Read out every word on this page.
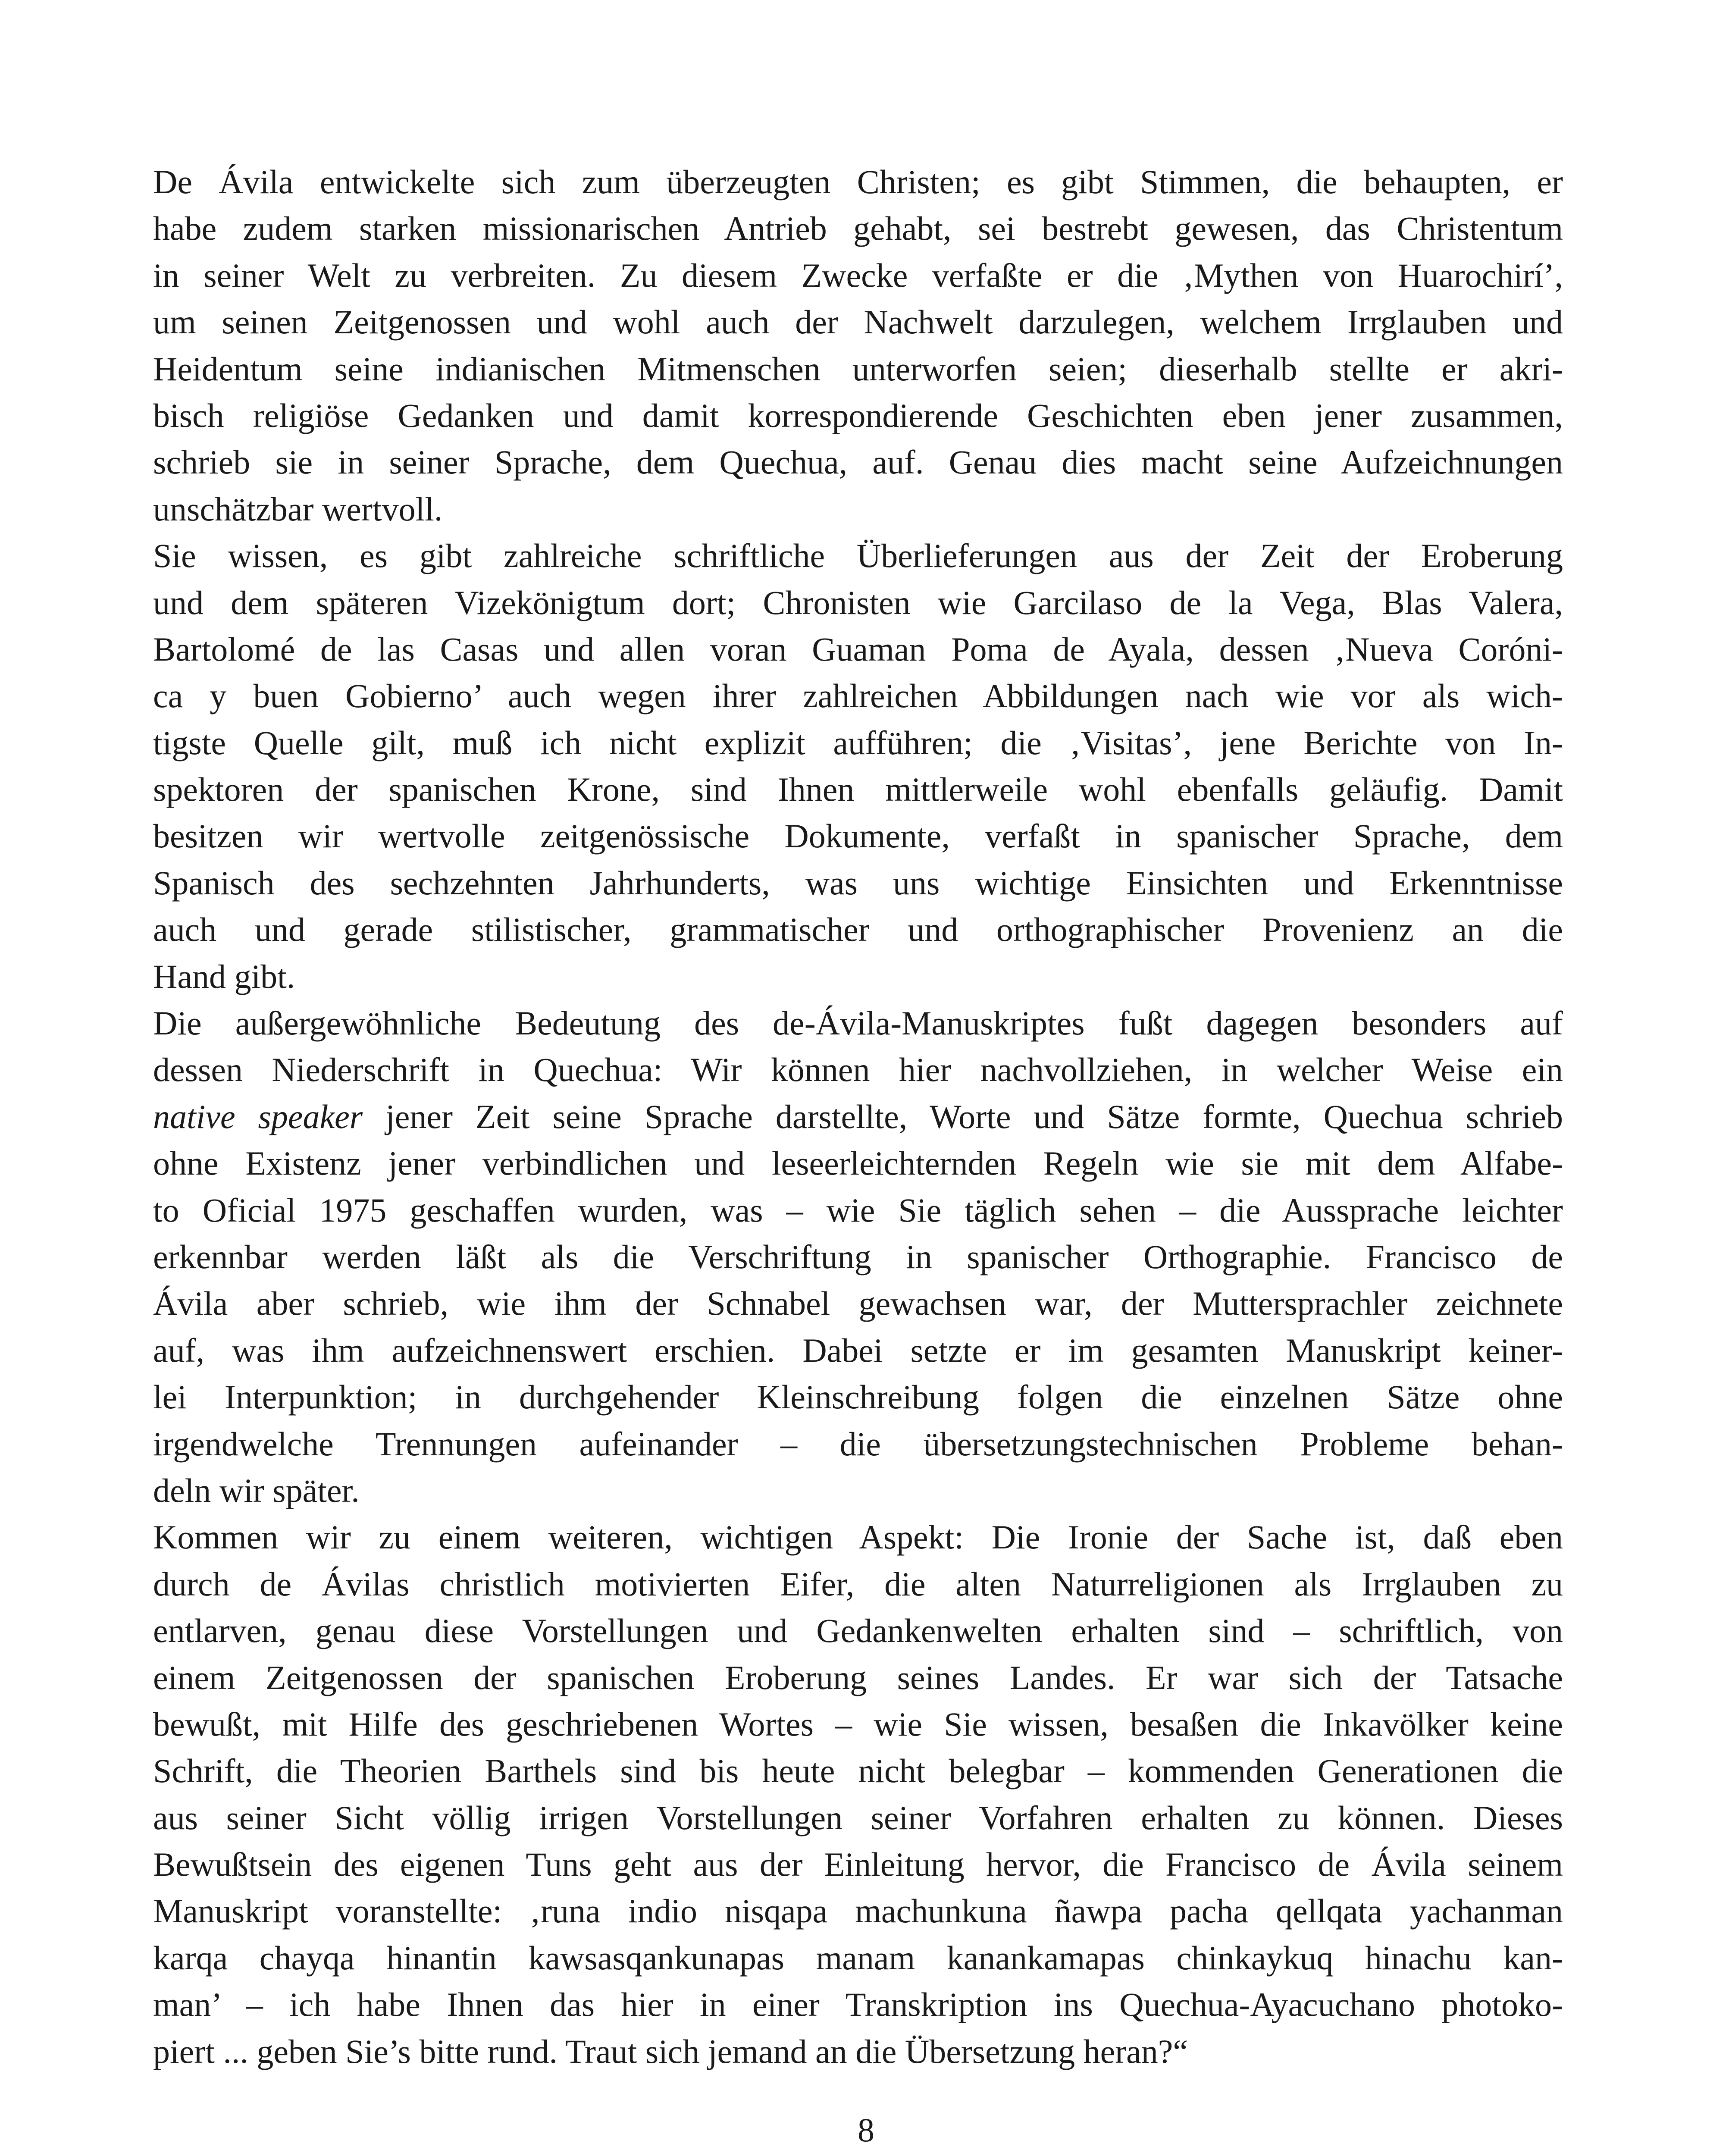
De Ávila entwickelte sich zum überzeugten Christen; es gibt Stimmen, die behaupten, er
habe zudem starken missionarischen Antrieb gehabt, sei bestrebt gewesen, das Christentum
in seiner Welt zu verbreiten. Zu diesem Zwecke verfaßte er die ‚Mythen von Huarochirí’,
um seinen Zeitgenossen und wohl auch der Nachwelt darzulegen, welchem Irrglauben und
Heidentum seine indianischen Mitmenschen unterworfen seien; dieserhalb stellte er akri-
bisch religiöse Gedanken und damit korrespondierende Geschichten eben jener zusammen,
schrieb sie in seiner Sprache, dem Quechua, auf. Genau dies macht seine Aufzeichnungen
unschätzbar wertvoll.
Sie wissen, es gibt zahlreiche schriftliche Überlieferungen aus der Zeit der Eroberung
und dem späteren Vizekönigtum dort; Chronisten wie Garcilaso de la Vega, Blas Valera,
Bartolomé de las Casas und allen voran Guaman Poma de Ayala, dessen ‚Nueva Coróni-
ca y buen Gobierno’ auch wegen ihrer zahlreichen Abbildungen nach wie vor als wich-
tigste Quelle gilt, muß ich nicht explizit aufführen; die ‚Visitas’, jene Berichte von In-
spektoren der spanischen Krone, sind Ihnen mittlerweile wohl ebenfalls geläufig. Damit
besitzen wir wertvolle zeitgenössische Dokumente, verfaßt in spanischer Sprache, dem
Spanisch des sechzehnten Jahrhunderts, was uns wichtige Einsichten und Erkenntnisse
auch und gerade stilistischer, grammatischer und orthographischer Provenienz an die
Hand gibt.
Die außergewöhnliche Bedeutung des de-Ávila-Manuskriptes fußt dagegen besonders auf
dessen Niederschrift in Quechua: Wir können hier nachvollziehen, in welcher Weise ein
native speaker jener Zeit seine Sprache darstellte, Worte und Sätze formte, Quechua schrieb
ohne Existenz jener verbindlichen und leseerleichternden Regeln wie sie mit dem Alfabe-
to Oficial 1975 geschaffen wurden, was – wie Sie täglich sehen – die Aussprache leichter
erkennbar werden läßt als die Verschriftung in spanischer Orthographie. Francisco de
Ávila aber schrieb, wie ihm der Schnabel gewachsen war, der Muttersprachler zeichnete
auf, was ihm aufzeichnenswert erschien. Dabei setzte er im gesamten Manuskript keiner-
lei Interpunktion; in durchgehender Kleinschreibung folgen die einzelnen Sätze ohne
irgendwelche Trennungen aufeinander – die übersetzungstechnischen Probleme behan-
deln wir später.
Kommen wir zu einem weiteren, wichtigen Aspekt: Die Ironie der Sache ist, daß eben
durch de Ávilas christlich motivierten Eifer, die alten Naturreligionen als Irrglauben zu
entlarven, genau diese Vorstellungen und Gedankenwelten erhalten sind – schriftlich, von
einem Zeitgenossen der spanischen Eroberung seines Landes. Er war sich der Tatsache
bewußt, mit Hilfe des geschriebenen Wortes – wie Sie wissen, besaßen die Inkavölker keine
Schrift, die Theorien Barthels sind bis heute nicht belegbar – kommenden Generationen die
aus seiner Sicht völlig irrigen Vorstellungen seiner Vorfahren erhalten zu können. Dieses
Bewußtsein des eigenen Tuns geht aus der Einleitung hervor, die Francisco de Ávila seinem
Manuskript voranstellte: ‚runa indio nisqapa machunkuna ñawpa pacha qellqata yachanman
karqa chayqa hinantin kawsasqankunapas manam kanankamapas chinkaykuq hinachu kan-
man’ – ich habe Ihnen das hier in einer Transkription ins Quechua-Ayacuchano photoko-
piert ... geben Sie’s bitte rund. Traut sich jemand an die Übersetzung heran?“
8
